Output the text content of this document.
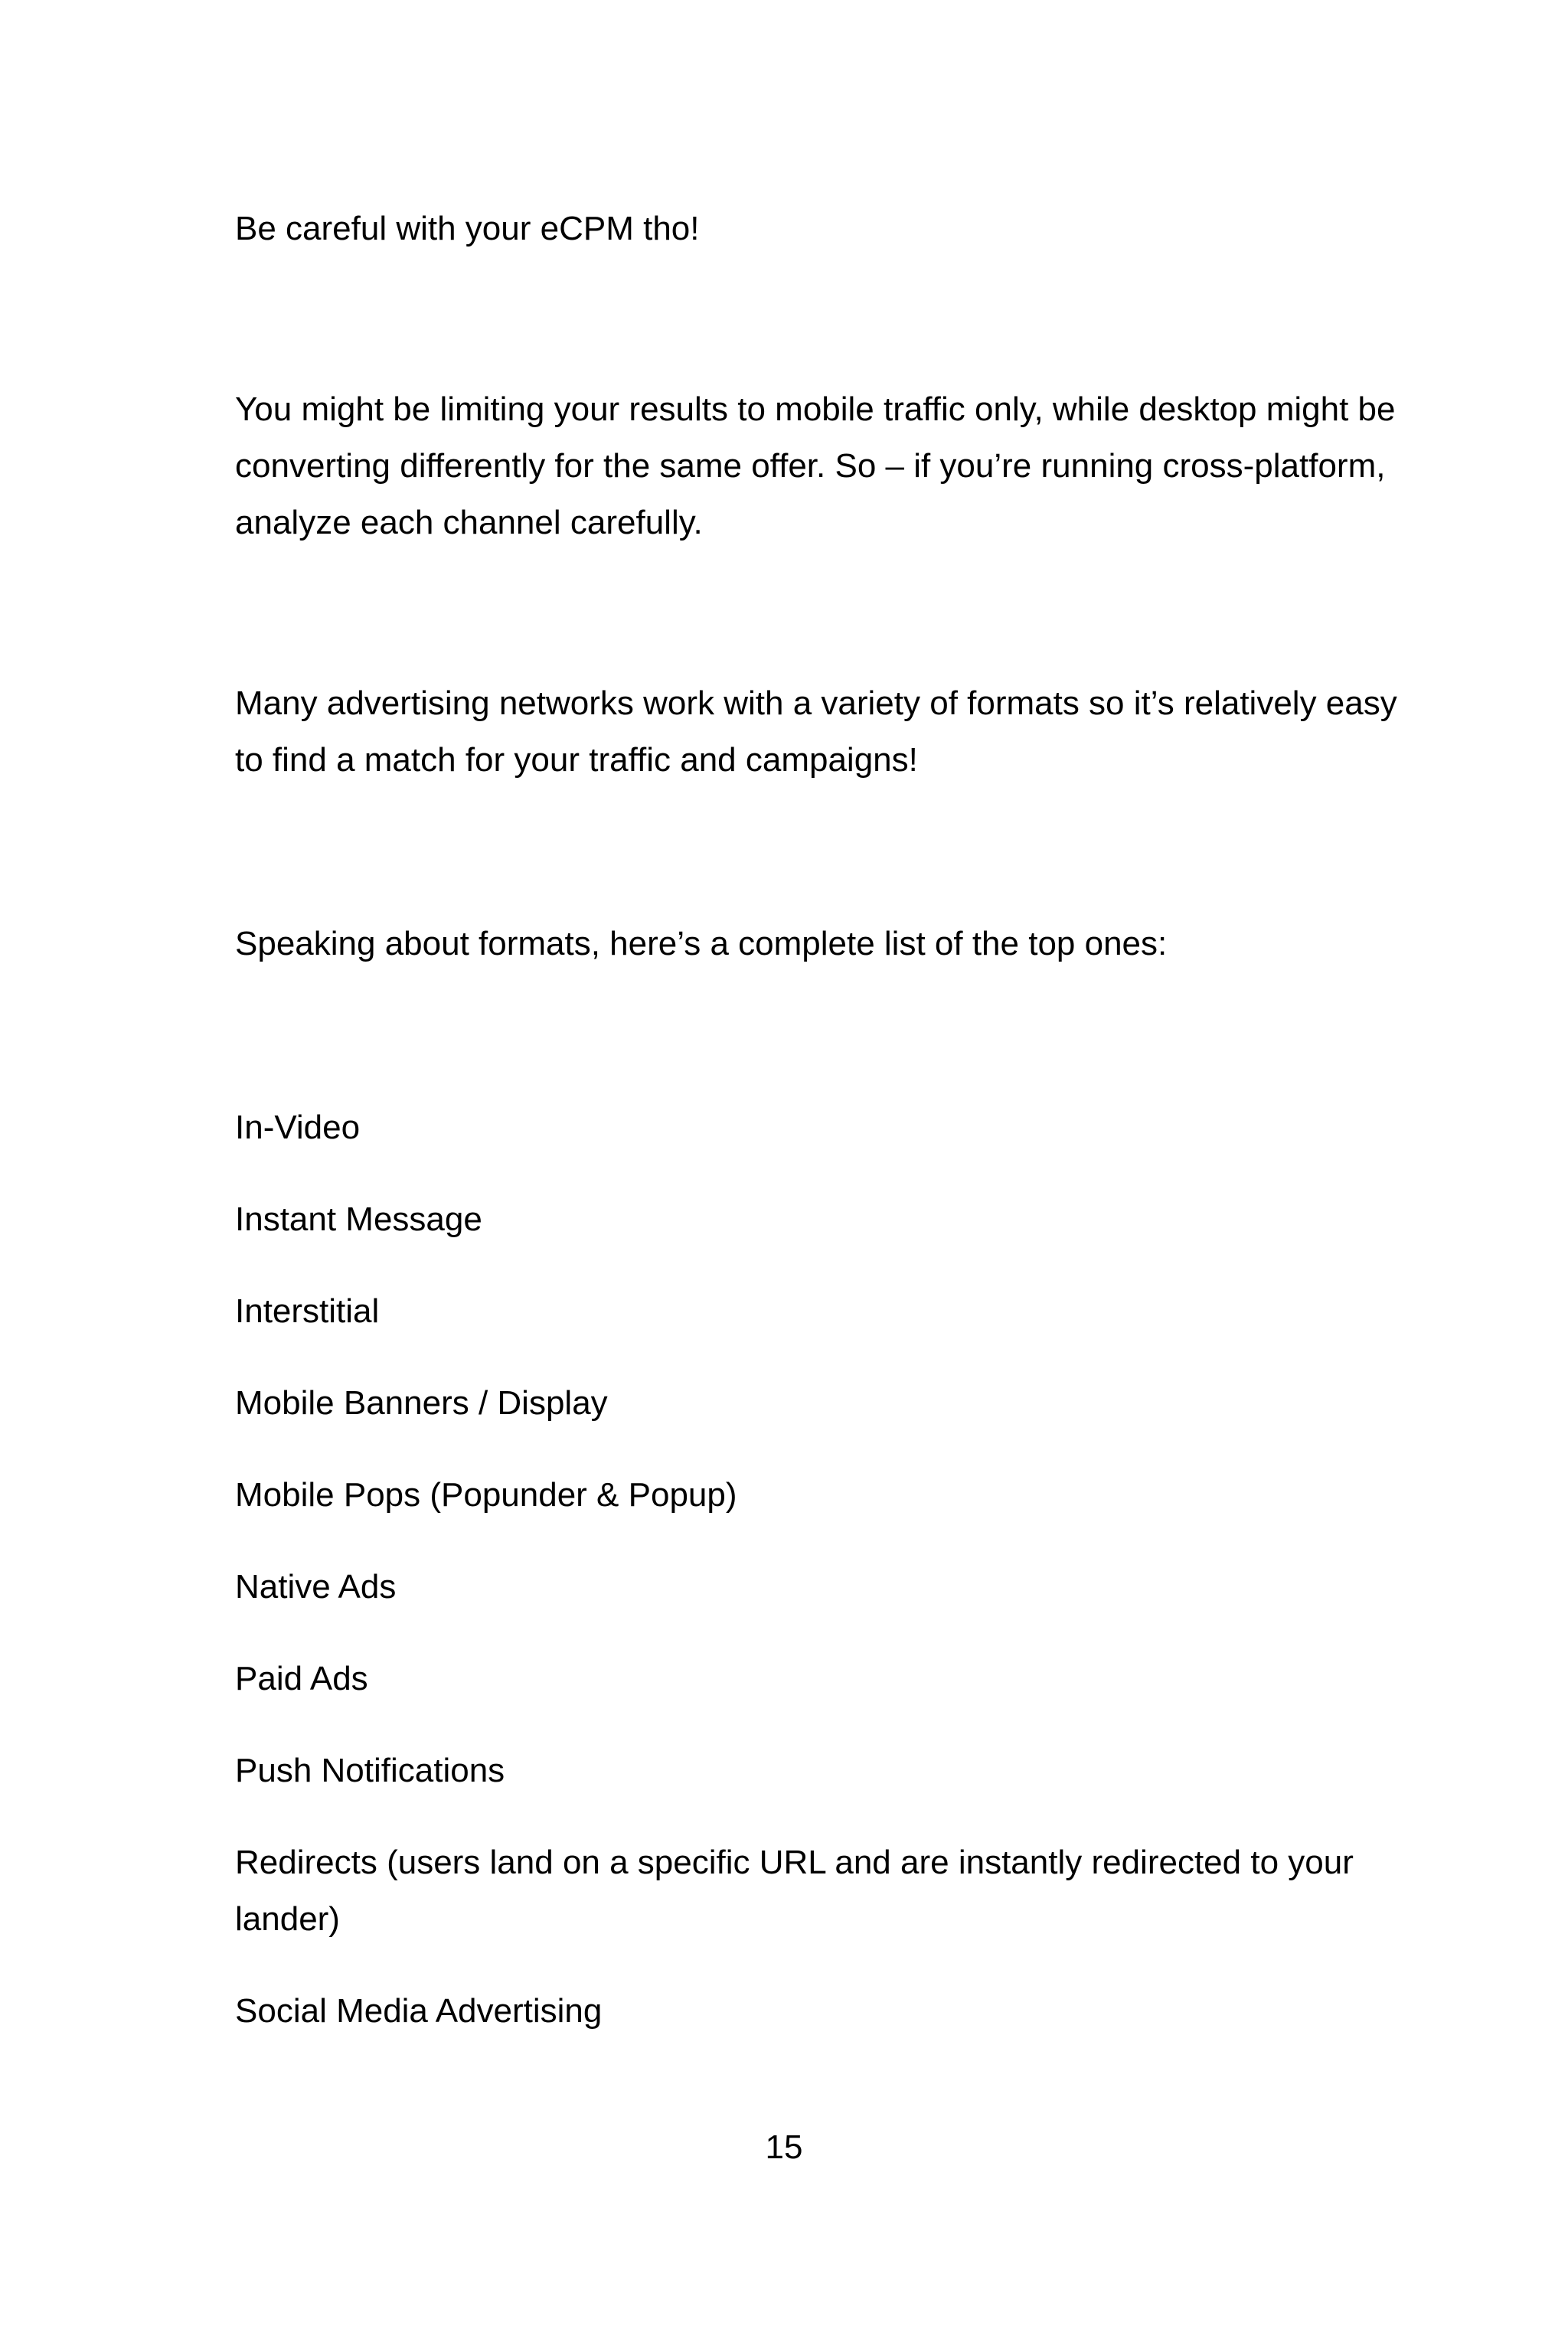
Be careful with your eCPM tho!

You might be limiting your results to mobile traffic only, while desktop might be converting differently for the same offer. So – if you’re running cross-platform, analyze each channel carefully.

Many advertising networks work with a variety of formats so it’s relatively easy to find a match for your traffic and campaigns!

Speaking about formats, here’s a complete list of the top ones:

In-Video
Instant Message
Interstitial
Mobile Banners / Display
Mobile Pops (Popunder & Popup)
Native Ads
Paid Ads
Push Notifications
Redirects (users land on a specific URL and are instantly redirected to your lander)
Social Media Advertising

15
